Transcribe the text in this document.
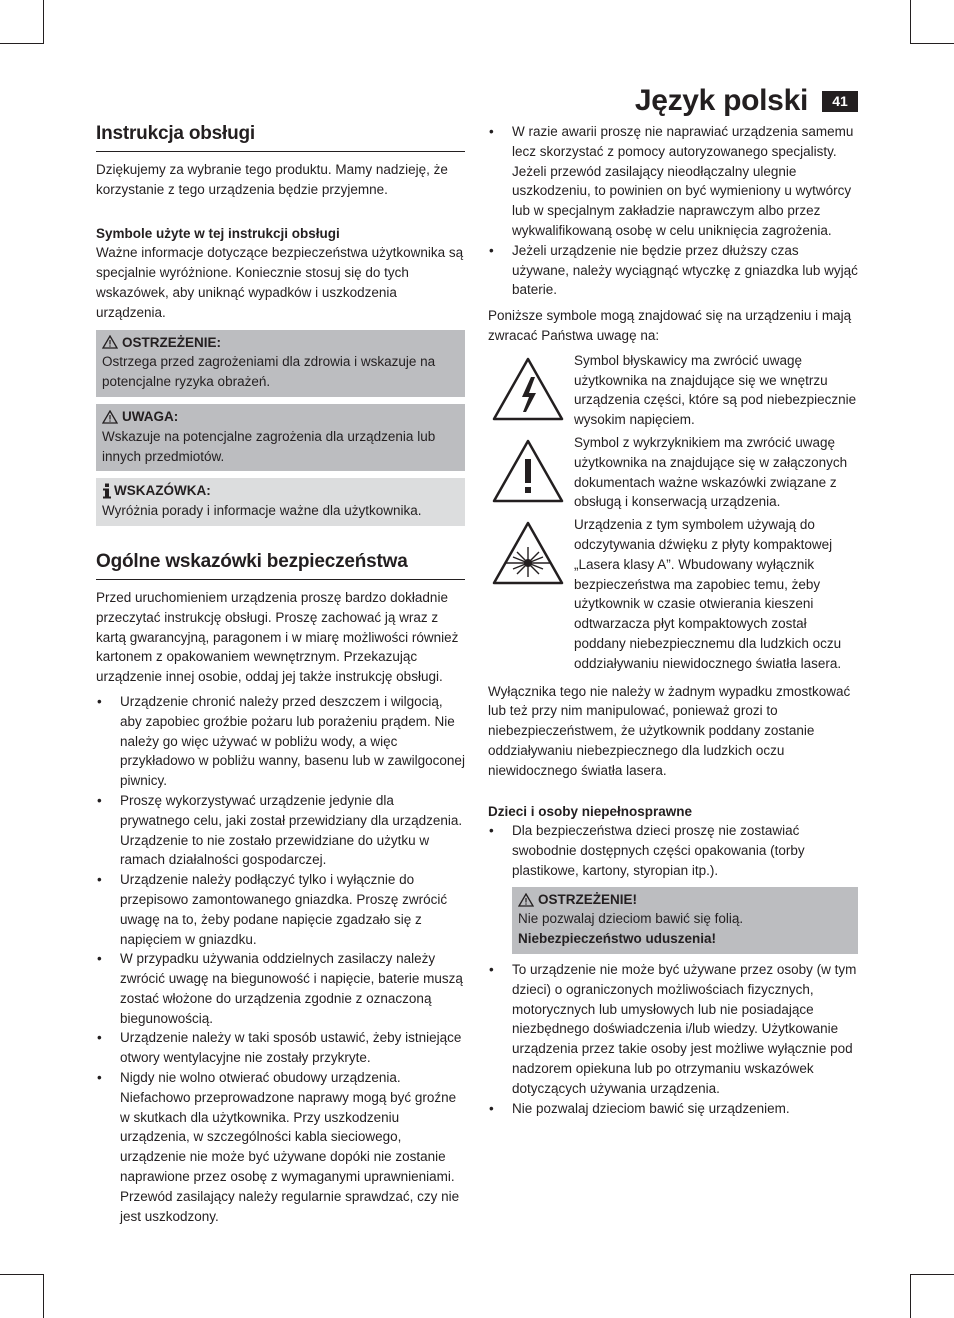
Język polski	41
Instrukcja obsługi

Dziękujemy za wybranie tego produktu. Mamy nadzieję, że korzystanie z tego urządzenia będzie przyjemne.

Symbole użyte w tej instrukcji obsługi

Ważne informacje dotyczące bezpieczeństwa użytkownika są specjalnie wyróżnione. Koniecznie stosuj się do tych wskazówek, aby uniknąć wypadków i uszkodzenia urządzenia.

OSTRZEŻENIE:

Ostrzega przed zagrożeniami dla zdrowia i wskazuje na potencjalne ryzyka obrażeń.

UWAGA:

Wskazuje na potencjalne zagrożenia dla urządzenia lub innych przedmiotów.

WSKAZÓWKA:

Wyróżnia porady i informacje ważne dla użytkownika.

Ogólne wskazówki bezpieczeństwa

Przed uruchomieniem urządzenia proszę bardzo dokładnie przeczytać instrukcję obsługi. Proszę zachować ją wraz z kartą gwarancyjną, paragonem i w miarę możliwości również kartonem z opakowaniem wewnętrznym. Przekazując urządzenie innej osobie, oddaj jej także instrukcję obsługi.

• Urządzenie chronić należy przed deszczem i wilgocią, aby zapobiec groźbie pożaru lub porażeniu prądem. Nie należy go więc używać w pobliżu wody, a więc przykładowo w pobliżu wanny, basenu lub w zawilgoconej piwnicy.
• Proszę wykorzystywać urządzenie jedynie dla prywatnego celu, jaki został przewidziany dla urządzenia. Urządzenie to nie zostało przewidziane do użytku w ramach działalności gospodarczej.
• Urządzenie należy podłączyć tylko i wyłącznie do przepisowo zamontowanego gniazdka. Proszę zwrócić uwagę na to, żeby podane napięcie zgadzało się z napięciem w gniazdku.
• W przypadku używania oddzielnych zasilaczy należy zwrócić uwagę na biegunowość i napięcie, baterie muszą zostać włożone do urządzenia zgodnie z oznaczoną biegunowością.
• Urządzenie należy w taki sposób ustawić, żeby istniejące otwory wentylacyjne nie zostały przykryte.
• Nigdy nie wolno otwierać obudowy urządzenia. Niefachowo przeprowadzone naprawy mogą być groźne w skutkach dla użytkownika. Przy uszkodzeniu urządzenia, w szczególności kabla sieciowego, urządzenie nie może być używane dopóki nie zostanie naprawione przez osobę z wymaganymi uprawnieniami. Przewód zasilający należy regularnie sprawdzać, czy nie jest uszkodzony.
• W razie awarii proszę nie naprawiać urządzenia samemu lecz skorzystać z pomocy autoryzowanego specjalisty. Jeżeli przewód zasilający nieodłączalny ulegnie uszkodzeniu, to powinien on być wymieniony u wytwórcy lub w specjalnym zakładzie naprawczym albo przez wykwalifikowaną osobę w celu uniknięcia zagrożenia.
• Jeżeli urządzenie nie będzie przez dłuższy czas używane, należy wyciągnąć wtyczkę z gniazdka lub wyjąć baterie.

Poniższe symbole mogą znajdować się na urządzeniu i mają zwracać Państwa uwagę na:

Symbol błyskawicy ma zwrócić uwagę użytkownika na znajdujące się we wnętrzu urządzenia części, które są pod niebezpiecznie wysokim napięciem.

Symbol z wykrzyknikiem ma zwrócić uwagę użytkownika na znajdujące się w załączonych dokumentach ważne wskazówki związane z obsługą i konserwacją urządzenia.

Urządzenia z tym symbolem używają do odczytywania dźwięku z płyty kompaktowej „Lasera klasy A”. Wbudowany wyłącznik bezpieczeństwa ma zapobiec temu, żeby użytkownik w czasie otwierania kieszeni odtwarzacza płyt kompaktowych został poddany niebezpiecznemu dla ludzkich oczu oddziaływaniu niewidocznego światła lasera.

Wyłącznika tego nie należy w żadnym wypadku zmostkować lub też przy nim manipulować, ponieważ grozi to niebezpieczeństwem, że użytkownik poddany zostanie oddziaływaniu niebezpiecznego dla ludzkich oczu niewidocznego światła lasera.

Dzieci i osoby niepełnosprawne
• Dla bezpieczeństwa dzieci proszę nie zostawiać swobodnie dostępnych części opakowania (torby plastikowe, kartony, styropian itp.).
OSTRZEŻENIE!

Nie pozwalaj dzieciom bawić się folią. Niebezpieczeństwo uduszenia!

• To urządzenie nie może być używane przez osoby (w tym dzieci) o ograniczonych możliwościach fizycznych, motorycznych lub umysłowych lub nie posiadające niezbędnego doświadczenia i/lub wiedzy. Użytkowanie urządzenia przez takie osoby jest możliwe wyłącznie pod nadzorem opiekuna lub po otrzymaniu wskazówek dotyczących używania urządzenia.
• Nie pozwalaj dzieciom bawić się urządzeniem.
